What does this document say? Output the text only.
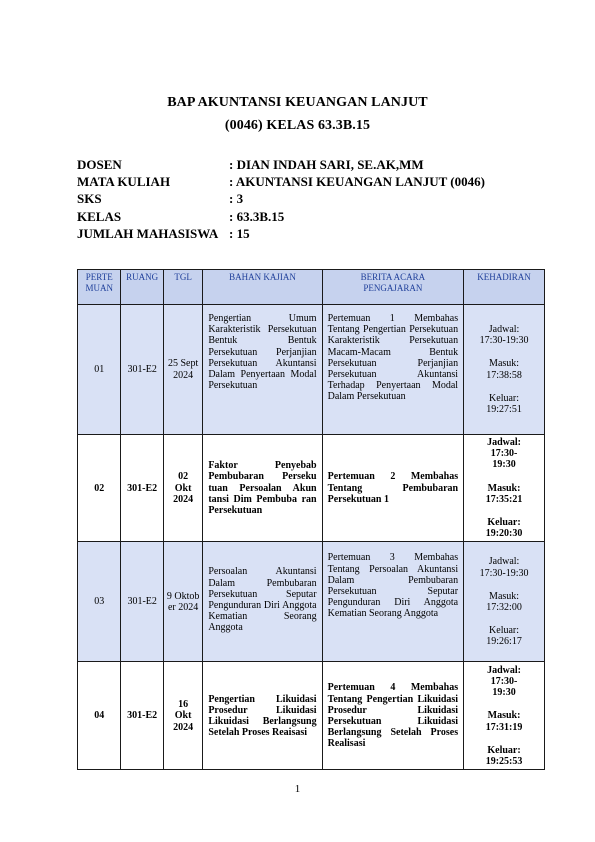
BAP AKUNTANSI KEUANGAN LANJUT
(0046) KELAS 63.3B.15
DOSEN	: DIAN INDAH SARI, SE.AK,MM
MATA KULIAH	: AKUNTANSI KEUANGAN LANJUT (0046)
SKS	: 3
KELAS	: 63.3B.15
JUMLAH MAHASISWA : 15
PERTE MUAN	RUANG	TGL	BAHAN KAJIAN	BERITA ACARA PENGAJARAN	KEHADIRAN
01	301-E2	25 Sept 2024	Pengertian Umum Karakteristik Persekutuan Bentuk Bentuk Persekutuan Perjanjian Persekutuan Akuntansi Dalam Penyertaan Modal Persekutuan	Pertemuan 1 Membahas Tentang Pengertian Persekutuan Karakteristik Persekutuan Macam-Macam Bentuk Persekutuan Perjanjian Persekutuan Akuntansi Terhadap Penyertaan Modal Dalam Persekutuan	Jadwal: 17:30-19:30
Masuk: 17:38:58
Keluar: 19:27:51

02	301-E2	02 Okt 2024	Faktor Penyebab Pembubaran Perseku tuan Persoalan Akun tansi Dim Pembuba ran Persekutuan	Pertemuan 2 Membahas Tentang Pembubaran Persekutuan 1	Jadwal: 17:30-19:30
Masuk: 17:35:21
Keluar: 19:20:30

03	301-E2	9 Oktober 2024	Persoalan Akuntansi Dalam Pembubaran Persekutuan Seputar Pengunduran Diri Anggota Kematian Seorang Anggota	Pertemuan 3 Membahas Tentang Persoalan Akuntansi Dalam Pembubaran Persekutuan Seputar Pengunduran Diri Anggota Kematian Seorang Anggota	Jadwal: 17:30-19:30
Masuk: 17:32:00
Keluar: 19:26:17

04	301-E2	16 Okt 2024	Pengertian Likuidasi Prosedur Likuidasi Likuidasi Berlangsung Setelah Proses Reaisasi	Pertemuan 4 Membahas Tentang Pengertian Likuidasi Prosedur Likuidasi Persekutuan Likuidasi Berlangsung Setelah Proses Realisasi	Jadwal: 17:30-19:30
Masuk: 17:31:19
Keluar: 19:25:53
1
